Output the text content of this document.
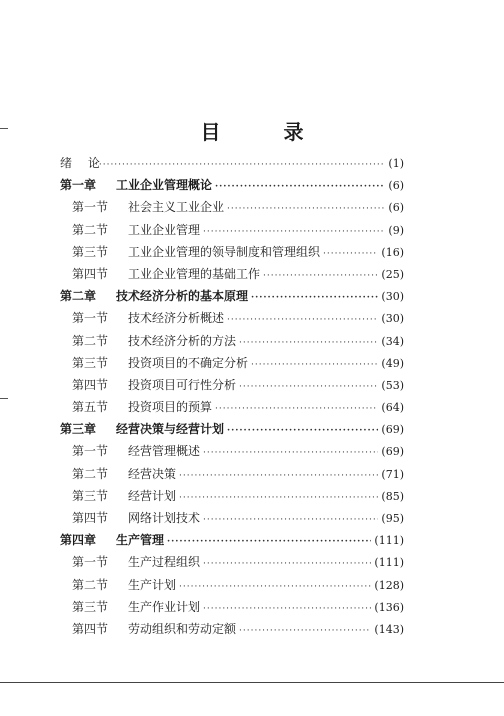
目 录
绪 论 ·····	(1)
第一章	工业企业管理概论 ·····	(6)
第一节	社会主义工业企业 ·····	(6)
第二节	工业企业管理 ·····	(9)
第三节	工业企业管理的领导制度和管理组织 ·····	(16)
第四节	工业企业管理的基础工作 ·····	(25)
第二章	技术经济分析的基本原理 ·····	(30)
第一节	技术经济分析概述 ·····	(30)
第二节	技术经济分析的方法 ·····	(34)
第三节	投资项目的不确定分析 ·····	(49)
第四节	投资项目可行性分析 ·····	(53)
第五节	投资项目的预算 ·····	(64)
第三章	经营决策与经营计划 ·····	(69)
第一节	经营管理概述 ·····	(69)
第二节	经营决策 ·····	(71)
第三节	经营计划 ·····	(85)
第四节	网络计划技术 ·····	(95)
第四章	生产管理 ·····	(111)
第一节	生产过程组织 ·····	(111)
第二节	生产计划 ·····	(128)
第三节	生产作业计划 ·····	(136)
第四节	劳动组织和劳动定额 ·····	(143)
